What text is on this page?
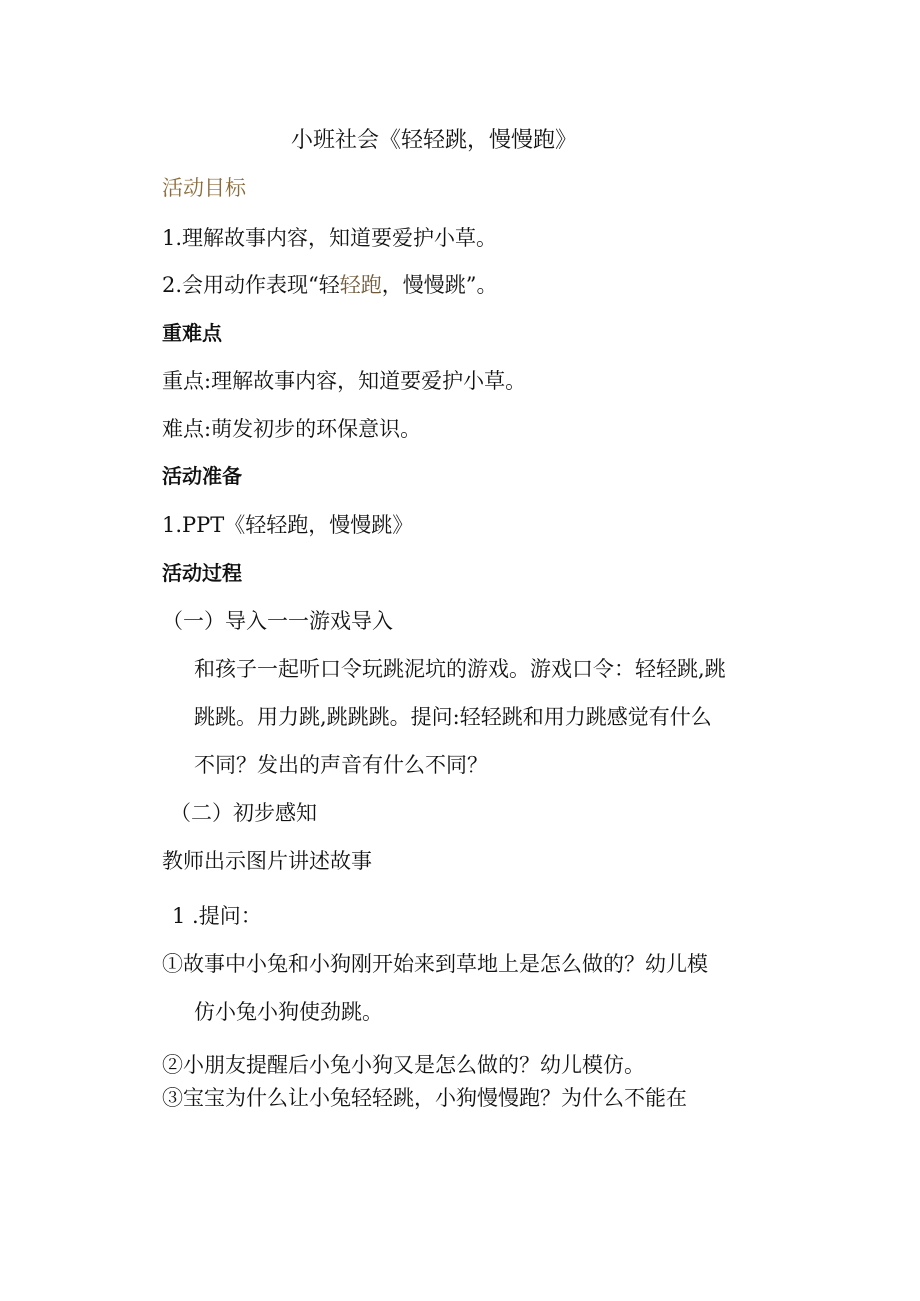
小班社会《轻轻跳，慢慢跑》
活动目标
1.理解故事内容，知道要爱护小草。
2.会用动作表现“轻轻跑，慢慢跳”。
重难点
重点:理解故事内容，知道要爱护小草。
难点:萌发初步的环保意识。
活动准备
1.PPT《轻轻跑，慢慢跳》
活动过程
（一）导入一一游戏导入
和孩子一起听口令玩跳泥坑的游戏。游戏口令：轻轻跳,跳
跳跳。用力跳,跳跳跳。提问:轻轻跳和用力跳感觉有什么
不同？发出的声音有什么不同？
（二）初步感知
教师出示图片讲述故事
1 .提问：
①故事中小兔和小狗刚开始来到草地上是怎么做的？幼儿模
仿小兔小狗使劲跳。
②小朋友提醒后小兔小狗又是怎么做的？幼儿模仿。
③宝宝为什么让小兔轻轻跳，小狗慢慢跑？为什么不能在
